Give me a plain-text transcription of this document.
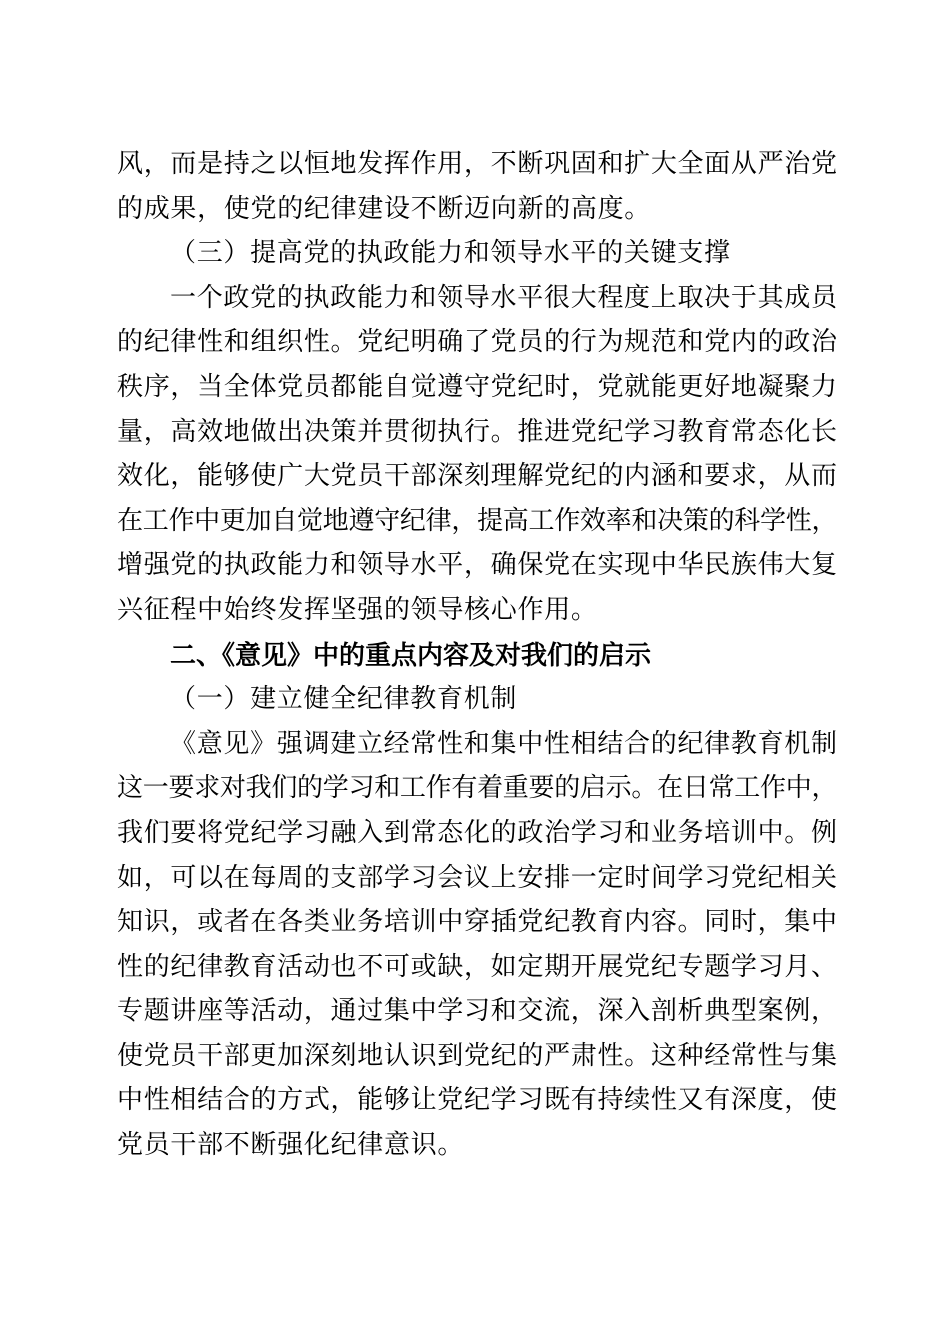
风，而是持之以恒地发挥作用，不断巩固和扩大全面从严治党
的成果，使党的纪律建设不断迈向新的高度。
（三）提高党的执政能力和领导水平的关键支撑
一个政党的执政能力和领导水平很大程度上取决于其成员
的纪律性和组织性。党纪明确了党员的行为规范和党内的政治
秩序，当全体党员都能自觉遵守党纪时，党就能更好地凝聚力
量，高效地做出决策并贯彻执行。推进党纪学习教育常态化长
效化，能够使广大党员干部深刻理解党纪的内涵和要求，从而
在工作中更加自觉地遵守纪律，提高工作效率和决策的科学性，
增强党的执政能力和领导水平，确保党在实现中华民族伟大复
兴征程中始终发挥坚强的领导核心作用。
二、《意见》中的重点内容及对我们的启示
（一）建立健全纪律教育机制
《意见》强调建立经常性和集中性相结合的纪律教育机制
这一要求对我们的学习和工作有着重要的启示。在日常工作中，
我们要将党纪学习融入到常态化的政治学习和业务培训中。例
如，可以在每周的支部学习会议上安排一定时间学习党纪相关
知识，或者在各类业务培训中穿插党纪教育内容。同时，集中
性的纪律教育活动也不可或缺，如定期开展党纪专题学习月、
专题讲座等活动，通过集中学习和交流，深入剖析典型案例，
使党员干部更加深刻地认识到党纪的严肃性。这种经常性与集
中性相结合的方式，能够让党纪学习既有持续性又有深度，使
党员干部不断强化纪律意识。
